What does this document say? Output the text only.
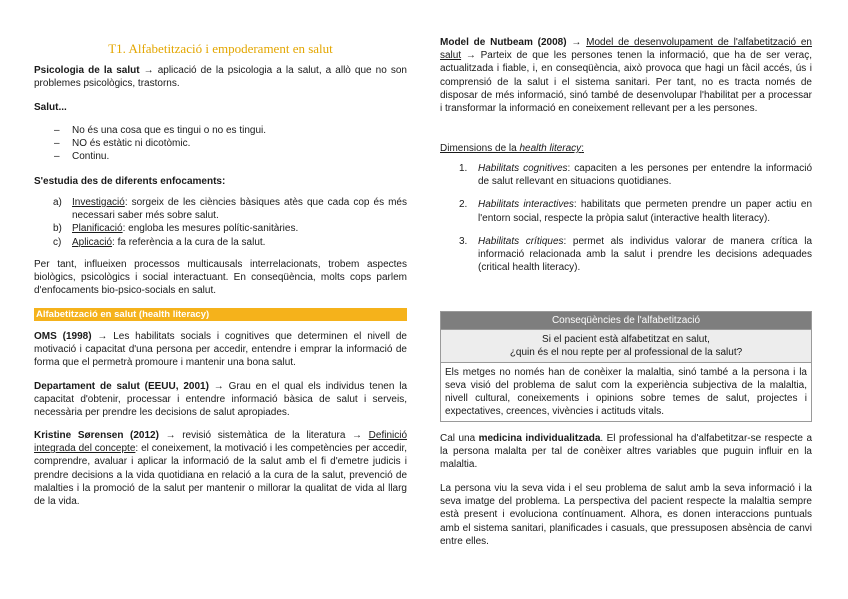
T1. Alfabetització i empoderament en salut

Psicologia de la salut → aplicació de la psicologia a la salut, a allò que no son problemes psicològics, trastorns.

Salut...
– No és una cosa que es tingui o no es tingui.
– NO és estàtic ni dicotòmic.
– Continu.
S'estudia des de diferents enfocaments:
a) Investigació: sorgeix de les ciències bàsiques atès que cada cop és més necessari saber més sobre salut.
b) Planificació: engloba les mesures polític-sanitàries.
c) Aplicació: fa referència a la cura de la salut.

Per tant, influeixen processos multicausals interrelacionats, trobem aspectes biològics, psicològics i social interactuant. En conseqüència, molts cops parlem d'enfocaments bio-psico-socials en salut.

Alfabetització en salut (health literacy)

OMS (1998) → Les habilitats socials i cognitives que determinen el nivell de motivació i capacitat d'una persona per accedir, entendre i emprar la informació de forma que el permetrà promoure i mantenir una bona salut.

Departament de salut (EEUU, 2001) → Grau en el qual els individus tenen la capacitat d'obtenir, processar i entendre informació bàsica de salut i serveis, necessària per prendre les decisions de salut apropiades.

Kristine Sørensen (2012) → revisió sistemàtica de la literatura → Definició integrada del concepte: el coneixement, la motivació i les competències per accedir, comprendre, avaluar i aplicar la informació de la salut amb el fi d'emetre judicis i prendre decisions a la vida quotidiana en relació a la cura de la salut, prevenció de malalties i la promoció de la salut per mantenir o millorar la qualitat de vida al llarg de la vida.

Model de Nutbeam (2008) → Model de desenvolupament de l'alfabetització en salut → Parteix de que les persones tenen la informació, que ha de ser veraç, actualitzada i fiable, i, en conseqüència, això provoca que hagi un fàcil accés, ús i comprensió de la salut i el sistema sanitari. Per tant, no es tracta només de disposar de més informació, sinó també de desenvolupar l'habilitat per a processar i transformar la informació en coneixement rellevant per a les persones.

Dimensions de la health literacy:
1. Habilitats cognitives: capaciten a les persones per entendre la informació de salut rellevant en situacions quotidianes.
2. Habilitats interactives: habilitats que permeten prendre un paper actiu en l'entorn social, respecte la pròpia salut (interactive health literacy).
3. Habilitats crítiques: permet als individus valorar de manera crítica la informació relacionada amb la salut i prendre les decisions adequades (critical health literacy).

Cal una medicina individualitzada. El professional ha d'alfabetitzar-se respecte a la persona malalta per tal de conèixer altres variables que puguin influir en la malaltia.

La persona viu la seva vida i el seu problema de salut amb la seva informació i la seva imatge del problema. La perspectiva del pacient respecte la malaltia sempre està present i evoluciona contínuament. Alhora, es donen interaccions puntuals amb el sistema sanitari, planificades i casuals, que pressuposen absència de canvi entre elles.

Conseqüències de l'alfabetització
Si el pacient està alfabetitzat en salut,
¿quin és el nou repte per al professional de la salut?
Els metges no només han de conèixer la malaltia, sinó també a la persona i la seva visió del problema de salut com la experiència subjectiva de la malaltia, nivell cultural, coneixements i opinions sobre temes de salut, projectes i expectatives, creences, vivències i actituds vitals.
